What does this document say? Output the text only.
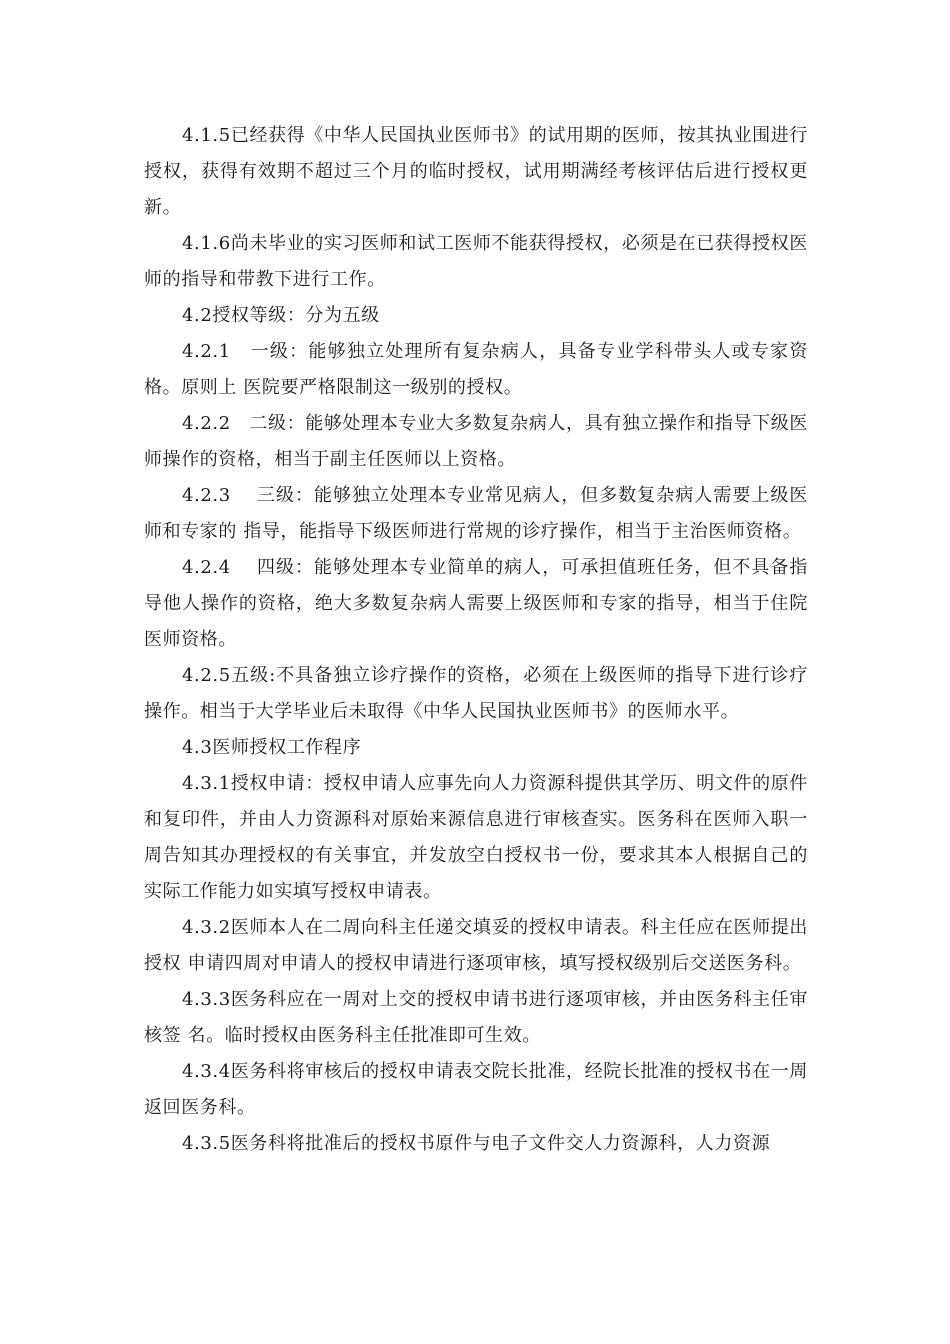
4.1.5已经获得《中华人民国执业医师书》的试用期的医师，按其执业围进行授权，获得有效期不超过三个月的临时授权，试用期满经考核评估后进行授权更新。

4.1.6尚未毕业的实习医师和试工医师不能获得授权，必须是在已获得授权医师的指导和带教下进行工作。

4.2授权等级：分为五级

4.2.1　一级：能够独立处理所有复杂病人，具备专业学科带头人或专家资格。原则上 医院要严格限制这一级别的授权。

4.2.2　二级：能够处理本专业大多数复杂病人，具有独立操作和指导下级医师操作的资格，相当于副主任医师以上资格。

4.2.3　 三级：能够独立处理本专业常见病人，但多数复杂病人需要上级医师和专家的 指导，能指导下级医师进行常规的诊疗操作，相当于主治医师资格。

4.2.4　 四级：能够处理本专业简单的病人，可承担值班任务，但不具备指导他人操作的资格，绝大多数复杂病人需要上级医师和专家的指导，相当于住院医师资格。

4.2.5五级:不具备独立诊疗操作的资格，必须在上级医师的指导下进行诊疗操作。相当于大学毕业后未取得《中华人民国执业医师书》的医师水平。

4.3医师授权工作程序

4.3.1授权申请：授权申请人应事先向人力资源科提供其学历、明文件的原件和复印件，并由人力资源科对原始来源信息进行审核查实。医务科在医师入职一周告知其办理授权的有关事宜，并发放空白授权书一份，要求其本人根据自己的实际工作能力如实填写授权申请表。

4.3.2医师本人在二周向科主任递交填妥的授权申请表。科主任应在医师提出授权 申请四周对申请人的授权申请进行逐项审核，填写授权级别后交送医务科。

4.3.3医务科应在一周对上交的授权申请书进行逐项审核，并由医务科主任审核签 名。临时授权由医务科主任批准即可生效。

4.3.4医务科将审核后的授权申请表交院长批准，经院长批准的授权书在一周返回医务科。

4.3.5医务科将批准后的授权书原件与电子文件交人力资源科，人力资源
